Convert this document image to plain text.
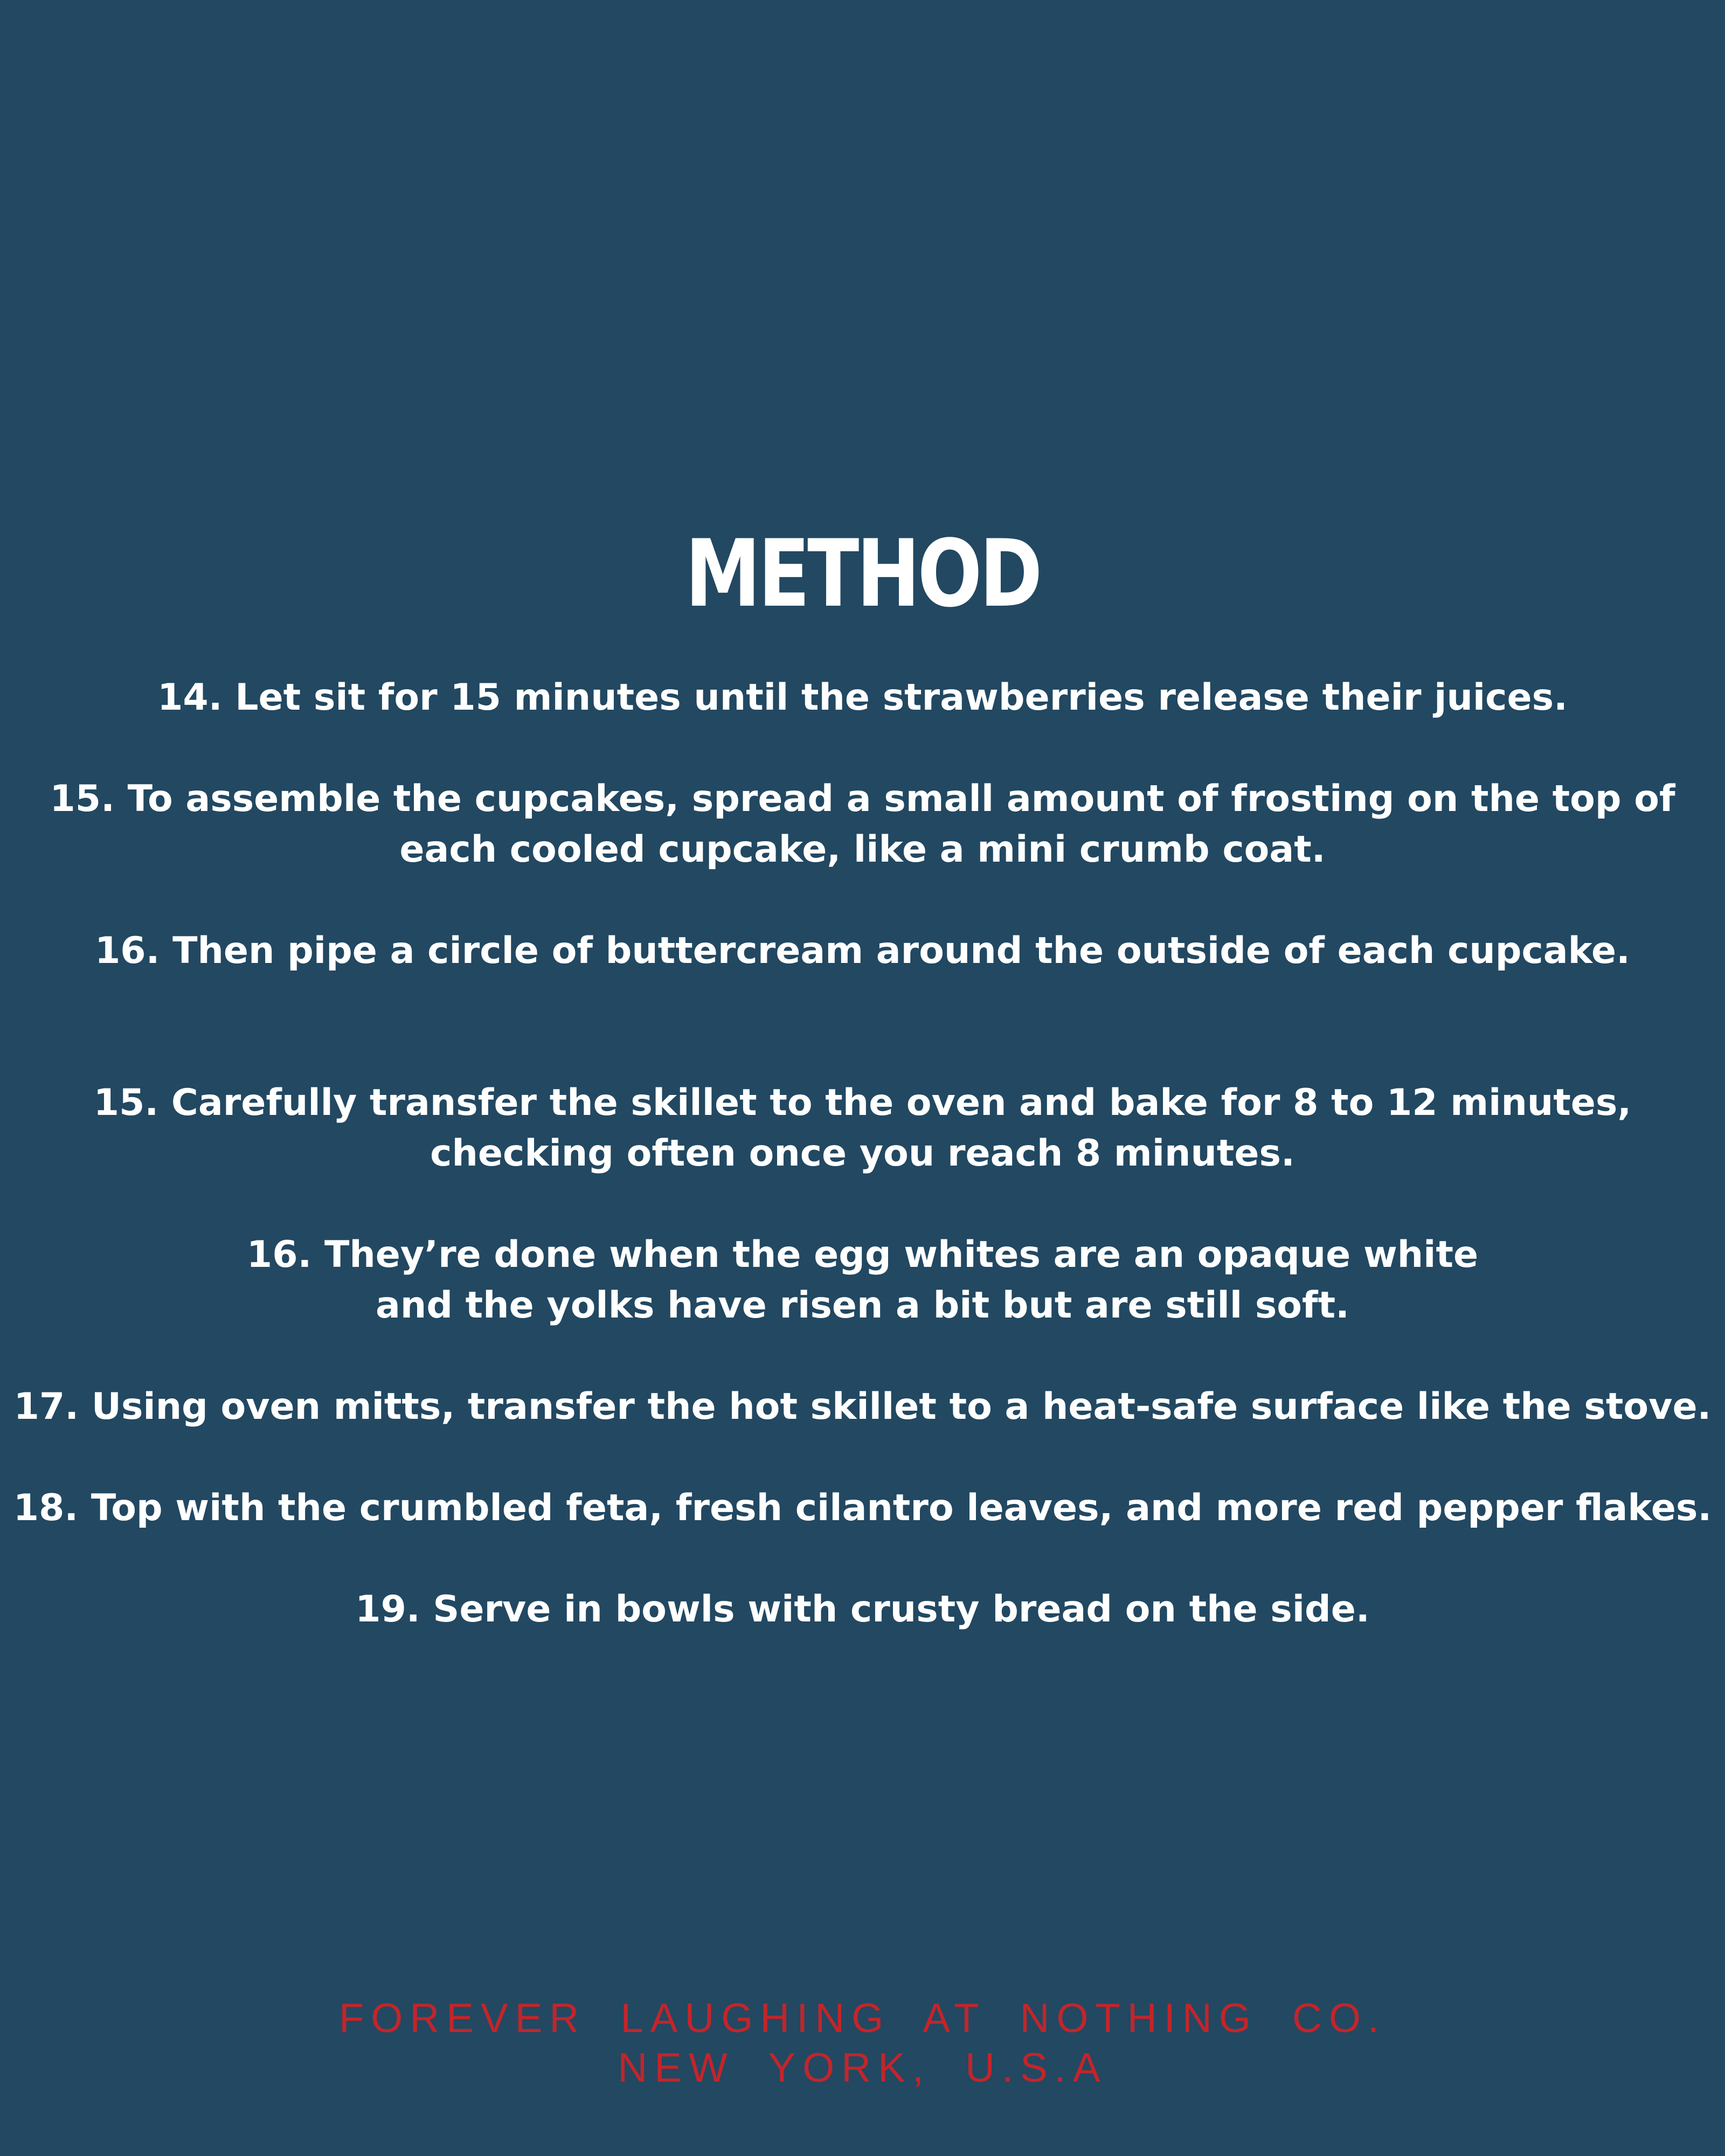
METHOD

14. Let sit for 15 minutes until the strawberries release their juices.

15. To assemble the cupcakes, spread a small amount of frosting on the top of
each cooled cupcake, like a mini crumb coat.

16. Then pipe a circle of buttercream around the outside of each cupcake.

15. Carefully transfer the skillet to the oven and bake for 8 to 12 minutes,
checking often once you reach 8 minutes.

16. They’re done when the egg whites are an opaque white
and the yolks have risen a bit but are still soft.

17. Using oven mitts, transfer the hot skillet to a heat-safe surface like the stove.

18. Top with the crumbled feta, fresh cilantro leaves, and more red pepper flakes.

19. Serve in bowls with crusty bread on the side.

FOREVER LAUGHING AT NOTHING CO.
NEW YORK, U.S.A
